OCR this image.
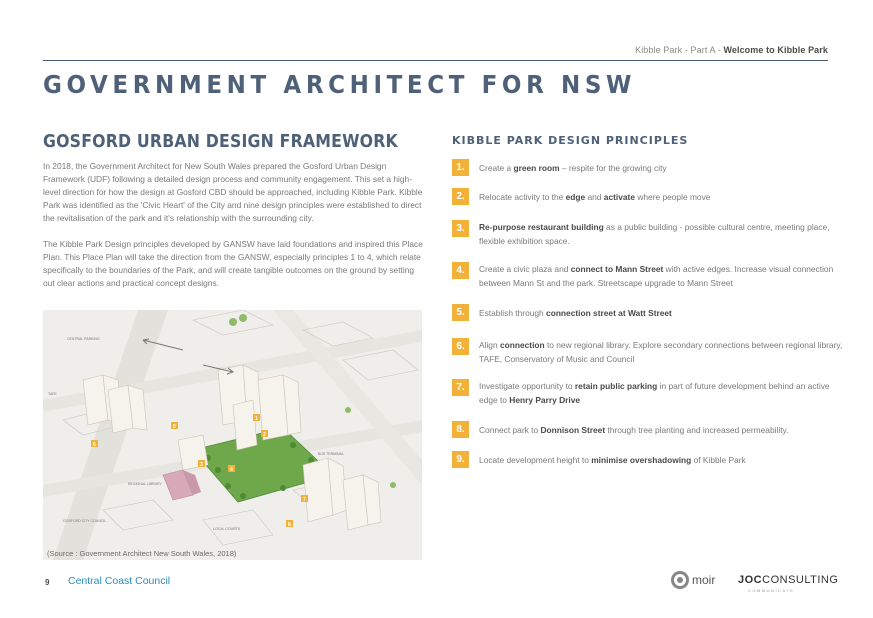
Kibble Park - Part A - Welcome to Kibble Park
GOVERNMENT ARCHITECT FOR NSW
GOSFORD URBAN DESIGN FRAMEWORK

In 2018, the Government Architect for New South Wales prepared the Gosford Urban Design Framework (UDF) following a detailed design process and community engagement. This set a high-level direction for how the design at Gosford CBD should be approached, including Kibble Park. Kibble Park was identified as the 'Civic Heart' of the City and nine design principles were established to direct the revitalisation of the park and it's relationship with the surrounding city.

The Kibble Park Design principles developed by GANSW have laid foundations and inspired this Place Plan. This Place Plan will take the direction from the GANSW, especially principles 1 to 4, which relate specifically to the boundaries of the Park, and will create tangible outcomes on the ground by setting out clear actions and practical concept designs.

1
2
3
4
5
6
7
8
CENTRAL PARKING
GOSFORD CITY COUNCIL
LOCAL COURTS
BUS TERMINAL
REGIONAL LIBRARY
TAFE
(Source : Government Architect New South Wales, 2018)
KIBBLE PARK DESIGN PRINCIPLES
1.	Create a green room – respite for the growing city
2.	Relocate activity to the edge and activate where people move
3.	Re-purpose restaurant building as a public building - possible cultural centre, meeting place, flexible exhibition space.
4.	Create a civic plaza and connect to Mann Street with active edges. Increase visual connection between Mann St and the park. Streetscape upgrade to Mann Street
5.	Establish through connection street at Watt Street
6.	Align connection to new regional library. Explore secondary connections between regional library, TAFE, Conservatory of Music and Council
7.	Investigate opportunity to retain public parking in part of future development behind an active edge to Henry Parry Drive
8.	Connect park to Donnison Street through tree planting and increased permeability.
9.	Locate development height to minimise overshadowing of Kibble Park
9 Central Coast Council	moir JOCCONSULTING
COMMUNICATE
